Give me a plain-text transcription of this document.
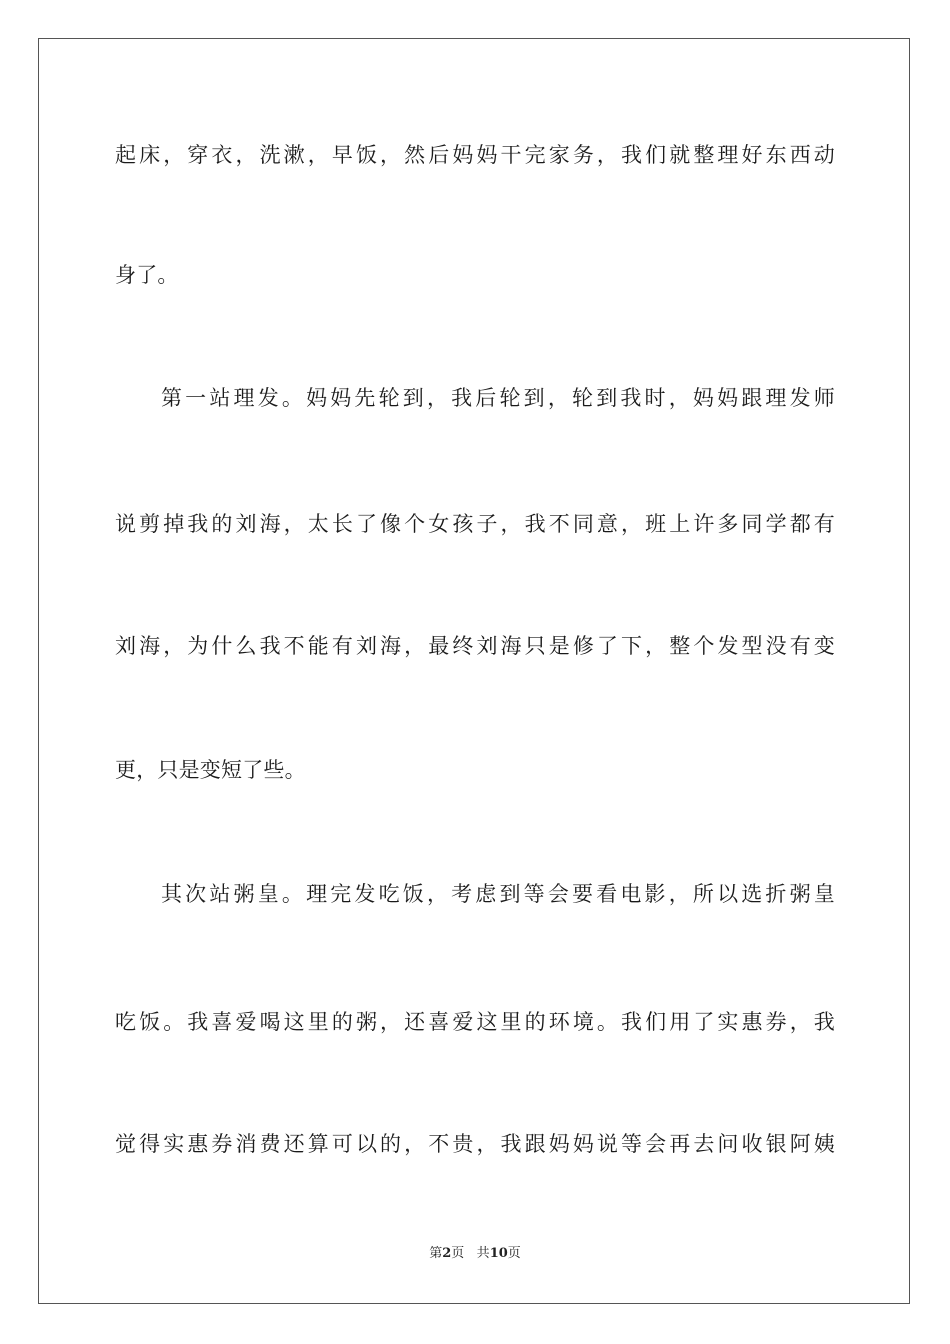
起床，穿衣，洗漱，早饭，然后妈妈干完家务，我们就整理好东西动
身了。
第一站理发。妈妈先轮到，我后轮到，轮到我时，妈妈跟理发师
说剪掉我的刘海，太长了像个女孩子，我不同意，班上许多同学都有
刘海，为什么我不能有刘海，最终刘海只是修了下，整个发型没有变
更，只是变短了些。
其次站粥皇。理完发吃饭，考虑到等会要看电影，所以选折粥皇
吃饭。我喜爱喝这里的粥，还喜爱这里的环境。我们用了实惠券，我
觉得实惠券消费还算可以的，不贵，我跟妈妈说等会再去问收银阿姨
第2页 共10页
